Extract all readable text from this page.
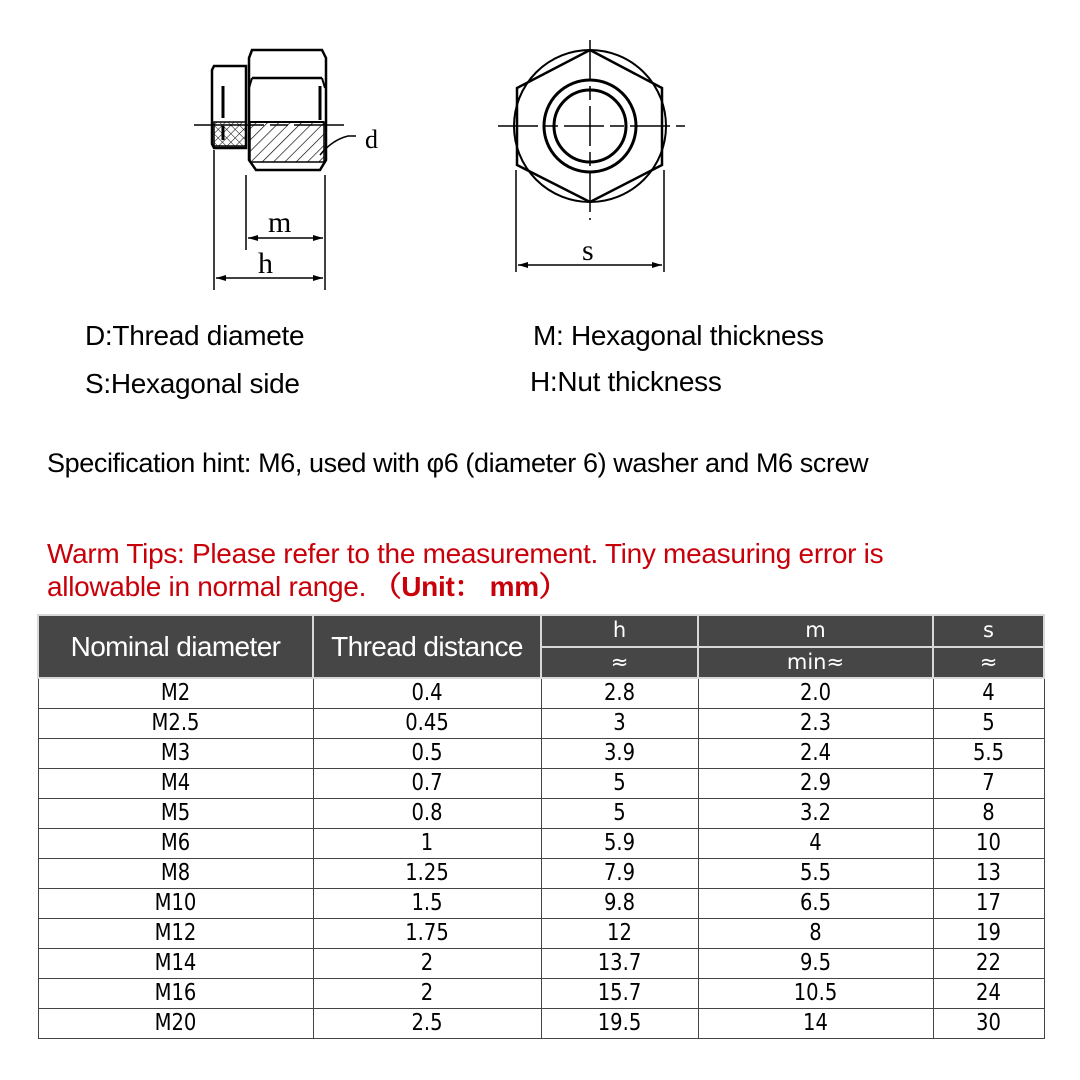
d
m
h	s
D:Thread diamete
S:Hexagonal side
M: Hexagonal thickness
H:Nut thickness
Specification hint: M6, used with φ6 (diameter 6) washer and M6 screw
Warm Tips: Please refer to the measurement. Tiny measuring error is
allowable in normal range. （Unit： mm）
Nominal diameter	Thread distance	h	m	s
		≈	min≈	≈
M2	0.4	2.8	2.0	4
M2.5	0.45	3	2.3	5
M3	0.5	3.9	2.4	5.5
M4	0.7	5	2.9	7
M5	0.8	5	3.2	8
M6	1	5.9	4	10
M8	1.25	7.9	5.5	13
M10	1.5	9.8	6.5	17
M12	1.75	12	8	19
M14	2	13.7	9.5	22
M16	2	15.7	10.5	24
M20	2.5	19.5	14	30
